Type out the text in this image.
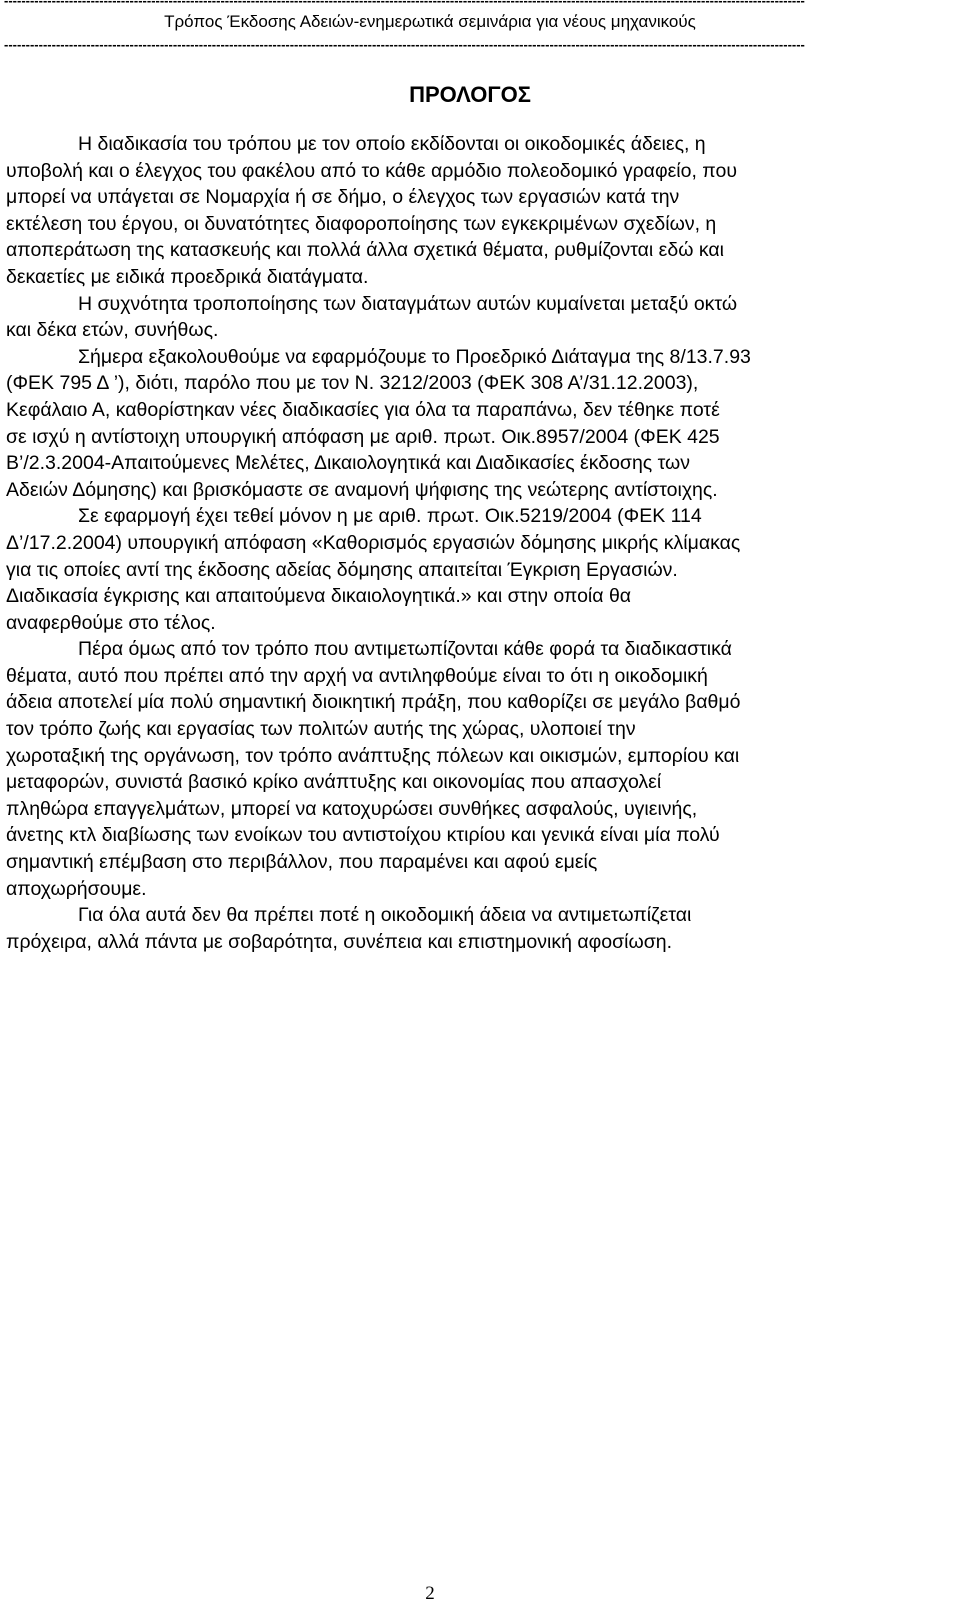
-----------------------------------------------------------------------------------------------------------------------------------------------------------------------------------------
Τρόπος Έκδοσης Αδειών-ενημερωτικά σεμινάρια για νέους μηχανικούς
-----------------------------------------------------------------------------------------------------------------------------------------------------------------------------------------
ΠΡΟΛΟΓΟΣ
Η διαδικασία του τρόπου με τον οποίο εκδίδονται οι οικοδομικές άδειες, η
υποβολή και ο έλεγχος του φακέλου από το κάθε αρμόδιο πολεοδομικό γραφείο, που
μπορεί να υπάγεται σε Νομαρχία ή σε δήμο, ο έλεγχος των εργασιών κατά την
εκτέλεση του έργου, οι δυνατότητες διαφοροποίησης των εγκεκριμένων σχεδίων, η
αποπεράτωση της κατασκευής και πολλά άλλα σχετικά θέματα, ρυθμίζονται εδώ και
δεκαετίες με ειδικά προεδρικά διατάγματα.
Η συχνότητα τροποποίησης των διαταγμάτων αυτών κυμαίνεται μεταξύ οκτώ
και δέκα ετών, συνήθως.
Σήμερα εξακολουθούμε να εφαρμόζουμε το Προεδρικό Διάταγμα της 8/13.7.93
(ΦΕΚ 795 Δ ’), διότι, παρόλο που με τον Ν. 3212/2003 (ΦΕΚ 308 Α’/31.12.2003),
Κεφάλαιο Α, καθορίστηκαν νέες διαδικασίες για όλα τα παραπάνω, δεν τέθηκε ποτέ
σε ισχύ η αντίστοιχη υπουργική απόφαση με αριθ. πρωτ. Οικ.8957/2004 (ΦΕΚ 425
Β’/2.3.2004-Απαιτούμενες Μελέτες, Δικαιολογητικά και Διαδικασίες έκδοσης των
Αδειών Δόμησης) και βρισκόμαστε σε αναμονή ψήφισης της νεώτερης αντίστοιχης.
Σε εφαρμογή έχει τεθεί μόνον η με αριθ. πρωτ. Οικ.5219/2004 (ΦΕΚ 114
Δ’/17.2.2004) υπουργική απόφαση «Καθορισμός εργασιών δόμησης μικρής κλίμακας
για τις οποίες αντί της έκδοσης αδείας δόμησης απαιτείται Έγκριση Εργασιών.
Διαδικασία έγκρισης και απαιτούμενα δικαιολογητικά.» και στην οποία θα
αναφερθούμε στο τέλος.
Πέρα όμως από τον τρόπο που αντιμετωπίζονται κάθε φορά τα διαδικαστικά
θέματα, αυτό που πρέπει από την αρχή να αντιληφθούμε είναι το ότι η οικοδομική
άδεια αποτελεί μία πολύ σημαντική διοικητική πράξη, που καθορίζει σε μεγάλο βαθμό
τον τρόπο ζωής και εργασίας των πολιτών αυτής της χώρας, υλοποιεί την
χωροταξική της οργάνωση, τον τρόπο ανάπτυξης πόλεων και οικισμών, εμπορίου και
μεταφορών, συνιστά βασικό κρίκο ανάπτυξης και οικονομίας που απασχολεί
πληθώρα επαγγελμάτων, μπορεί να κατοχυρώσει συνθήκες ασφαλούς, υγιεινής,
άνετης κτλ διαβίωσης των ενοίκων του αντιστοίχου κτιρίου και γενικά είναι μία πολύ
σημαντική επέμβαση στο περιβάλλον, που παραμένει και αφού εμείς
αποχωρήσουμε.
Για όλα αυτά δεν θα πρέπει ποτέ η οικοδομική άδεια να αντιμετωπίζεται
πρόχειρα, αλλά πάντα με σοβαρότητα, συνέπεια και επιστημονική αφοσίωση.
2
